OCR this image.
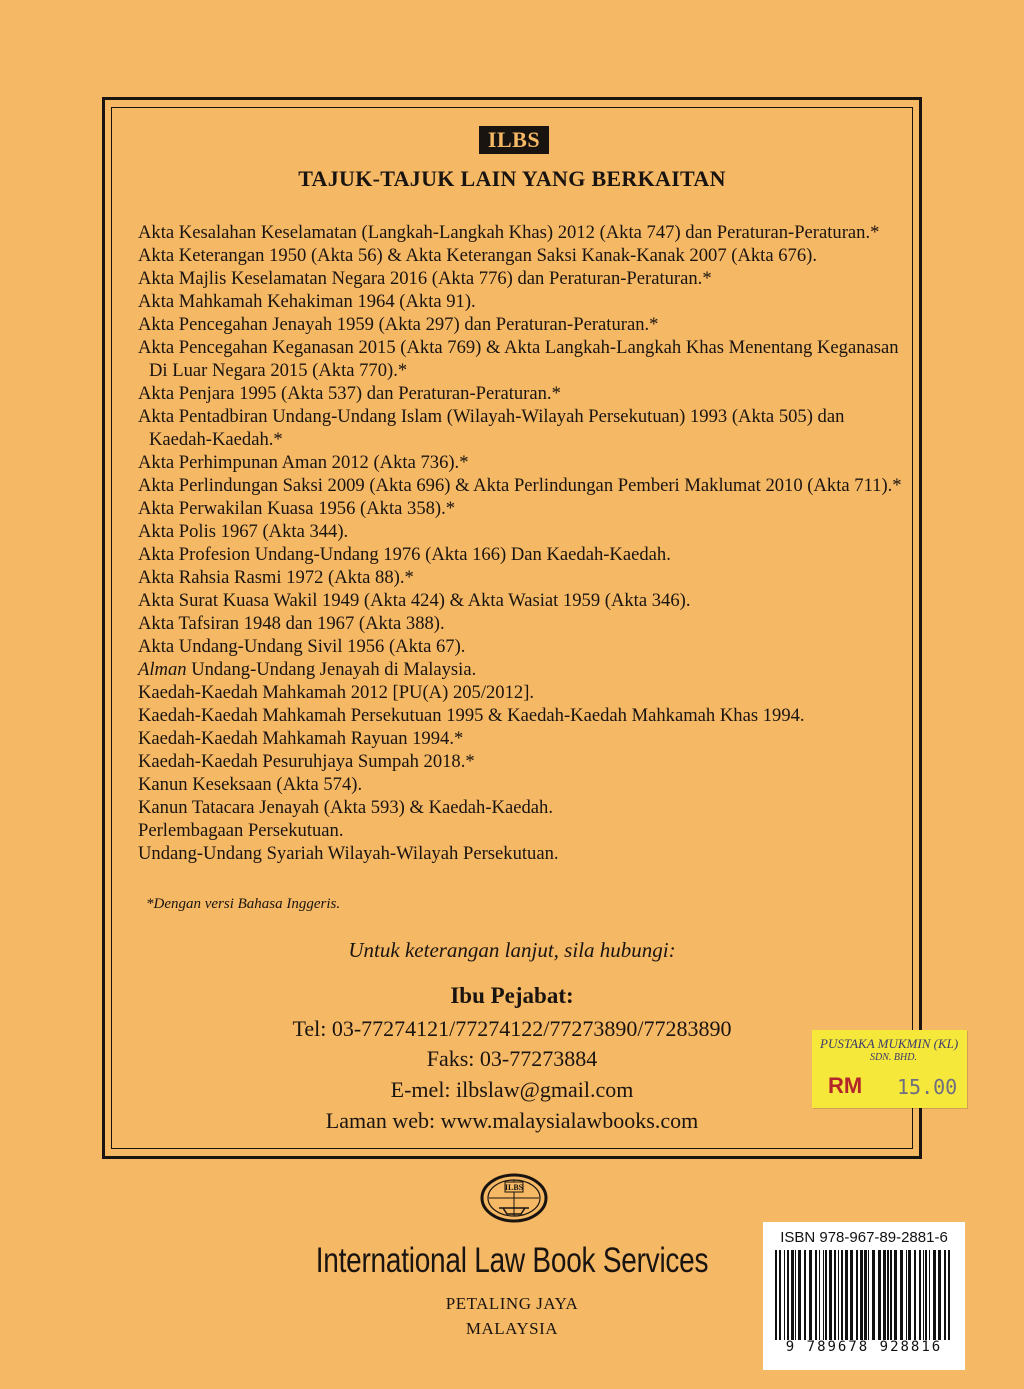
ILBS
TAJUK-TAJUK LAIN YANG BERKAITAN
Akta Kesalahan Keselamatan (Langkah-Langkah Khas) 2012 (Akta 747) dan Peraturan-Peraturan.*
Akta Keterangan 1950 (Akta 56) & Akta Keterangan Saksi Kanak-Kanak 2007 (Akta 676).
Akta Majlis Keselamatan Negara 2016 (Akta 776) dan Peraturan-Peraturan.*
Akta Mahkamah Kehakiman 1964 (Akta 91).
Akta Pencegahan Jenayah 1959 (Akta 297) dan Peraturan-Peraturan.*
Akta Pencegahan Keganasan 2015 (Akta 769) & Akta Langkah-Langkah Khas Menentang Keganasan Di Luar Negara 2015 (Akta 770).*
Akta Penjara 1995 (Akta 537) dan Peraturan-Peraturan.*
Akta Pentadbiran Undang-Undang Islam (Wilayah-Wilayah Persekutuan) 1993 (Akta 505) dan Kaedah-Kaedah.*
Akta Perhimpunan Aman 2012 (Akta 736).*
Akta Perlindungan Saksi 2009 (Akta 696) & Akta Perlindungan Pemberi Maklumat 2010 (Akta 711).*
Akta Perwakilan Kuasa 1956 (Akta 358).*
Akta Polis 1967 (Akta 344).
Akta Profesion Undang-Undang 1976 (Akta 166) Dan Kaedah-Kaedah.
Akta Rahsia Rasmi 1972 (Akta 88).*
Akta Surat Kuasa Wakil 1949 (Akta 424) & Akta Wasiat 1959 (Akta 346).
Akta Tafsiran 1948 dan 1967 (Akta 388).
Akta Undang-Undang Sivil 1956 (Akta 67).
Alman Undang-Undang Jenayah di Malaysia.
Kaedah-Kaedah Mahkamah 2012 [PU(A) 205/2012].
Kaedah-Kaedah Mahkamah Persekutuan 1995 & Kaedah-Kaedah Mahkamah Khas 1994.
Kaedah-Kaedah Mahkamah Rayuan 1994.*
Kaedah-Kaedah Pesuruhjaya Sumpah 2018.*
Kanun Keseksaan (Akta 574).
Kanun Tatacara Jenayah (Akta 593) & Kaedah-Kaedah.
Perlembagaan Persekutuan.
Undang-Undang Syariah Wilayah-Wilayah Persekutuan.
*Dengan versi Bahasa Inggeris.
Untuk keterangan lanjut, sila hubungi:
Ibu Pejabat:
Tel: 03-77274121/77274122/77273890/77283890
Faks: 03-77273884
E-mel: ilbslaw@gmail.com
Laman web: www.malaysialawbooks.com
PUSTAKA MUKMIN (KL)
SDN. BHD.
RM 15.00
ILBS
International Law Book Services
PETALING JAYA
MALAYSIA
ISBN 978-967-89-2881-6
9 789678 928816
